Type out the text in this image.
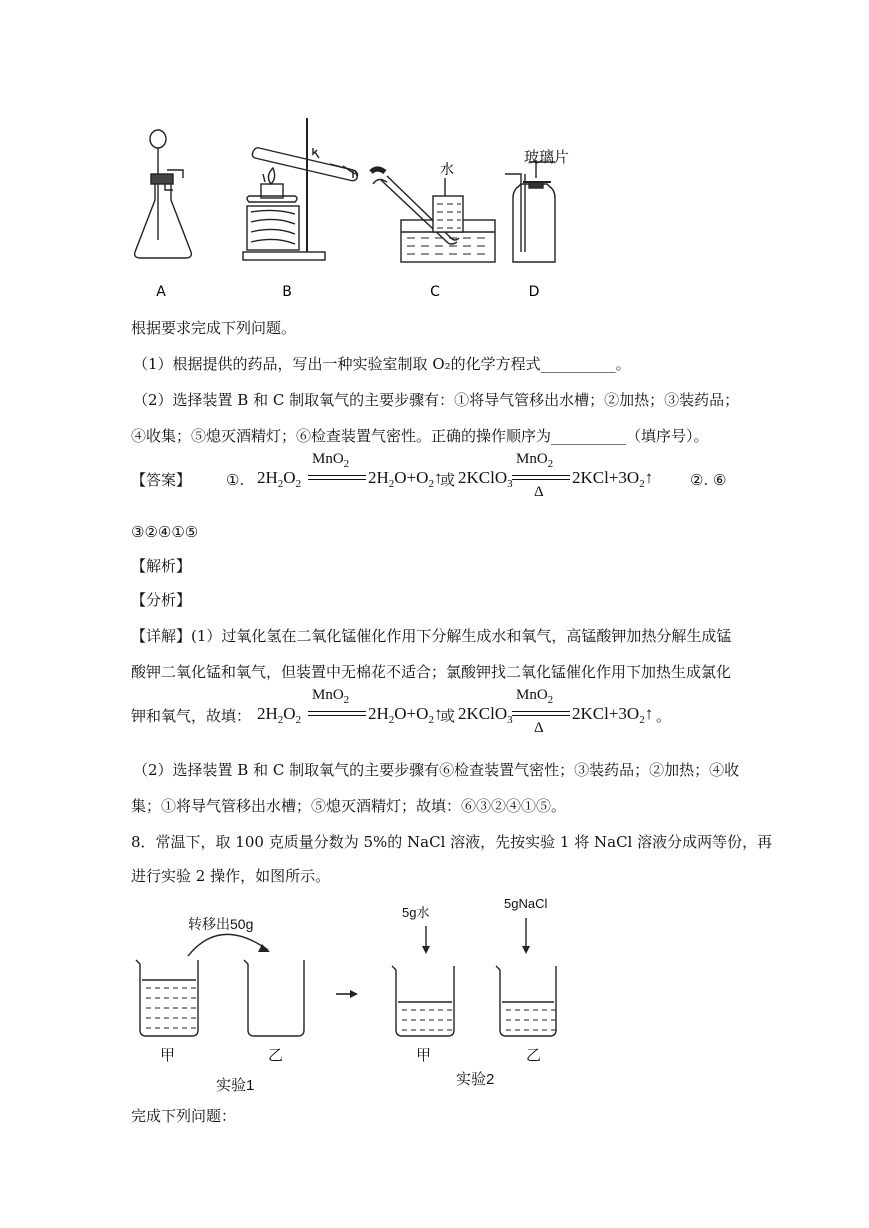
A	B
水
C	D
玻璃片
根据要求完成下列问题。
（1）根据提供的药品，写出一种实验室制取 O₂的化学方程式__________。
（2）选择装置 B 和 C 制取氧气的主要步骤有：①将导气管移出水槽；②加热；③装药品；
④收集；⑤熄灭酒精灯；⑥检查装置气密性。正确的操作顺序为__________（填序号）。
【答案】 ①. $2H_2O_2$
MnO$_2$
$2H_2O+O_2↑$
或 2KClO$_3$
MnO$_2$
Δ
$2KCl+3O_2↑$ ②. ⑥
③②④①⑤
【解析】
【分析】
【详解】(1）过氧化氢在二氧化锰催化作用下分解生成水和氧气，高锰酸钾加热分解生成锰
酸钾二氧化锰和氧气，但装置中无棉花不适合；氯酸钾找二氧化锰催化作用下加热生成氯化
钾和氧气，故填： $2H_2O_2$
MnO$_2$
$2H_2O+O_2↑$
或 2KClO$_3$
MnO$_2$
Δ
$2KCl+3O_2↑$ 。
（2）选择装置 B 和 C 制取氧气的主要步骤有⑥检查装置气密性；③装药品；②加热；④收
集；①将导气管移出水槽；⑤熄灭酒精灯；故填：⑥③②④①⑤。
8．常温下，取 100 克质量分数为 5%的 NaCl 溶液，先按实验 1 将 NaCl 溶液分成两等份，再
进行实验 2 操作，如图所示。
转移出50g
5g水
5gNaCl
甲	乙	甲	乙
实验1	实验2
完成下列问题：
